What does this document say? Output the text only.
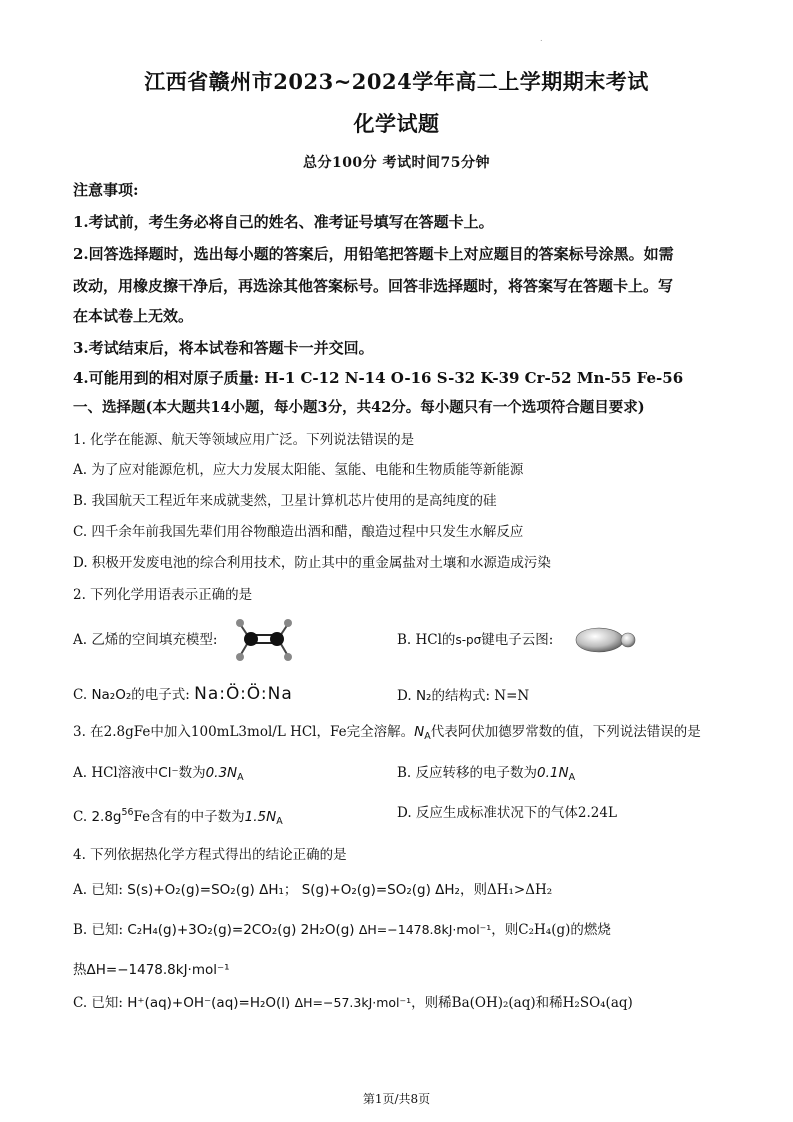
.
江西省赣州市2023~2024学年高二上学期期末考试
化学试题
总分100分 考试时间75分钟
注意事项:
1.考试前，考生务必将自己的姓名、准考证号填写在答题卡上。
2.回答选择题时，选出每小题的答案后，用铅笔把答题卡上对应题目的答案标号涂黑。如需
改动，用橡皮擦干净后，再选涂其他答案标号。回答非选择题时，将答案写在答题卡上。写
在本试卷上无效。
3.考试结束后，将本试卷和答题卡一并交回。
4.可能用到的相对原子质量: H-1 C-12 N-14 O-16 S-32 K-39 Cr-52 Mn-55 Fe-56
一、选择题(本大题共14小题，每小题3分，共42分。每小题只有一个选项符合题目要求)
1. 化学在能源、航天等领域应用广泛。下列说法错误的是
A. 为了应对能源危机，应大力发展太阳能、氢能、电能和生物质能等新能源
B. 我国航天工程近年来成就斐然，卫星计算机芯片使用的是高纯度的硅
C. 四千余年前我国先辈们用谷物酿造出酒和醋，酿造过程中只发生水解反应
D. 积极开发废电池的综合利用技术，防止其中的重金属盐对土壤和水源造成污染
2. 下列化学用语表示正确的是
A. 乙烯的空间填充模型:	B. HCl的s-pσ键电子云图:
C. Na₂O₂的电子式: Na:Ö:Ö:Na	D. N₂的结构式: N=N
3. 在2.8gFe中加入100mL3mol/L HCl，Fe完全溶解。$N_A$代表阿伏加德罗常数的值，下列说法错误的是
A. HCl溶液中Cl⁻数为$0.3N_A$	B. 反应转移的电子数为$0.1N_A$
C. $2.8g^{56}Fe$含有的中子数为$1.5N_A$
D. 反应生成标准状况下的气体2.24L
4. 下列依据热化学方程式得出的结论正确的是
A. 已知: S(s)+O₂(g)=SO₂(g) ΔH₁； S(g)+O₂(g)=SO₂(g) ΔH₂，则ΔH₁>ΔH₂
B. 已知: C₂H₄(g)+3O₂(g)=2CO₂(g) 2H₂O(g) ΔH=−1478.8kJ·mol⁻¹，则C₂H₄(g)的燃烧
热ΔH=−1478.8kJ·mol⁻¹
C. 已知: H⁺(aq)+OH⁻(aq)=H₂O(l) ΔH=−57.3kJ·mol⁻¹，则稀Ba(OH)₂(aq)和稀H₂SO₄(aq)
第1页/共8页
